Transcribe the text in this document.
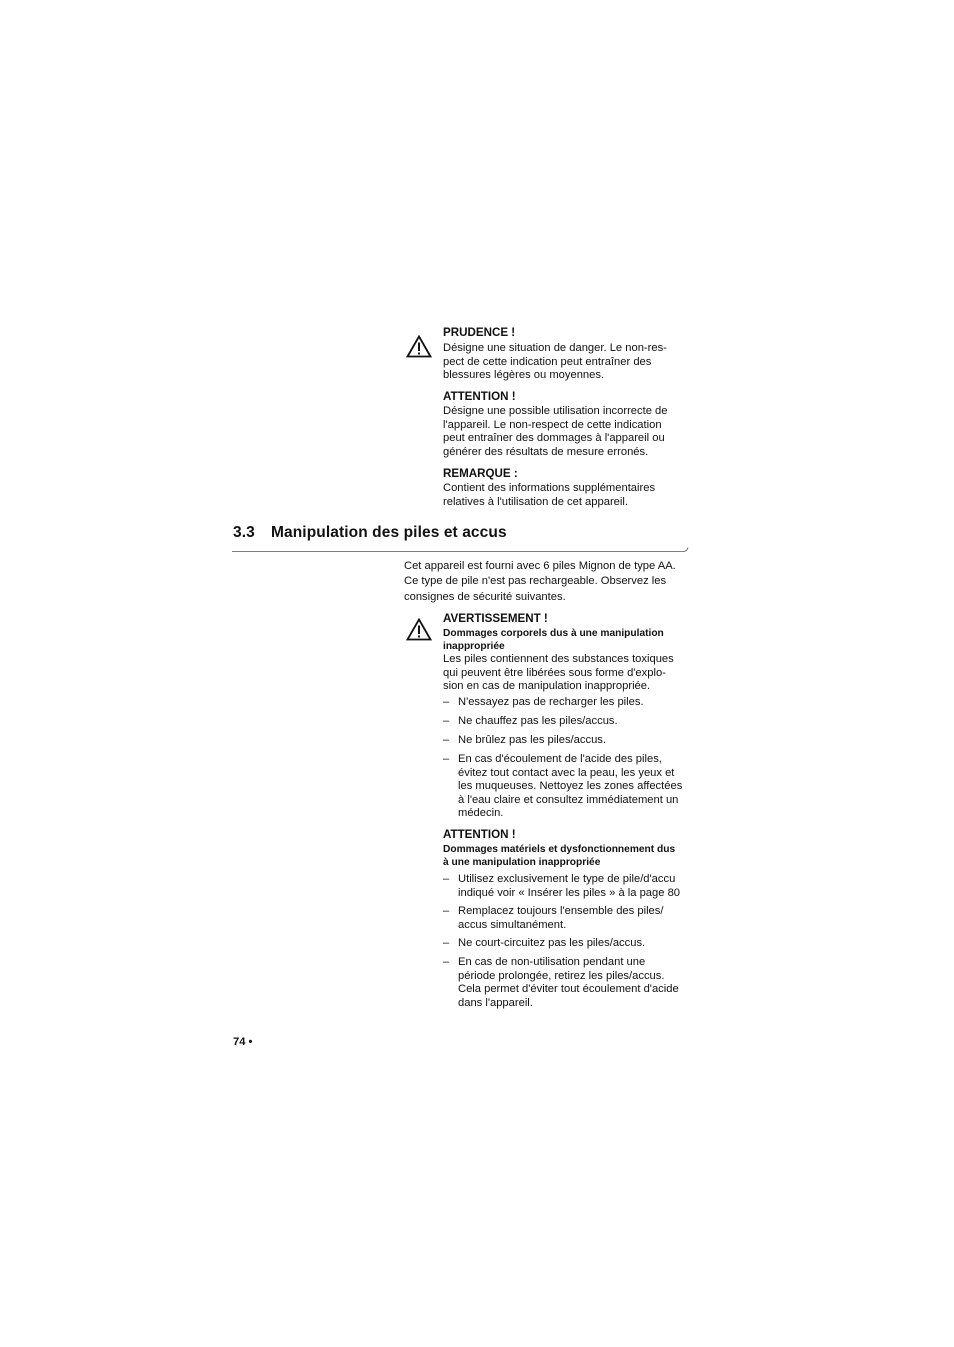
PRUDENCE !
Désigne une situation de danger. Le non-res-
pect de cette indication peut entraîner des
blessures légères ou moyennes.
ATTENTION !
Désigne une possible utilisation incorrecte de
l'appareil. Le non-respect de cette indication
peut entraîner des dommages à l'appareil ou
générer des résultats de mesure erronés.
REMARQUE :
Contient des informations supplémentaires
relatives à l'utilisation de cet appareil.
3.3 Manipulation des piles et accus
Cet appareil est fourni avec 6 piles Mignon de type AA.
Ce type de pile n'est pas rechargeable. Observez les
consignes de sécurité suivantes.
AVERTISSEMENT !
Dommages corporels dus à une manipulation
inappropriée
Les piles contiennent des substances toxiques
qui peuvent être libérées sous forme d'explo-
sion en cas de manipulation inappropriée.
– N'essayez pas de recharger les piles.
– Ne chauffez pas les piles/accus.
– Ne brûlez pas les piles/accus.
– En cas d'écoulement de l'acide des piles,
évitez tout contact avec la peau, les yeux et
les muqueuses. Nettoyez les zones affectées
à l'eau claire et consultez immédiatement un
médecin.
ATTENTION !
Dommages matériels et dysfonctionnement dus
à une manipulation inappropriée
– Utilisez exclusivement le type de pile/d'accu
indiqué voir « Insérer les piles » à la page 80
– Remplacez toujours l'ensemble des piles/
accus simultanément.
– Ne court-circuitez pas les piles/accus.
– En cas de non-utilisation pendant une
période prolongée, retirez les piles/accus.
Cela permet d'éviter tout écoulement d'acide
dans l'appareil.
74 •
